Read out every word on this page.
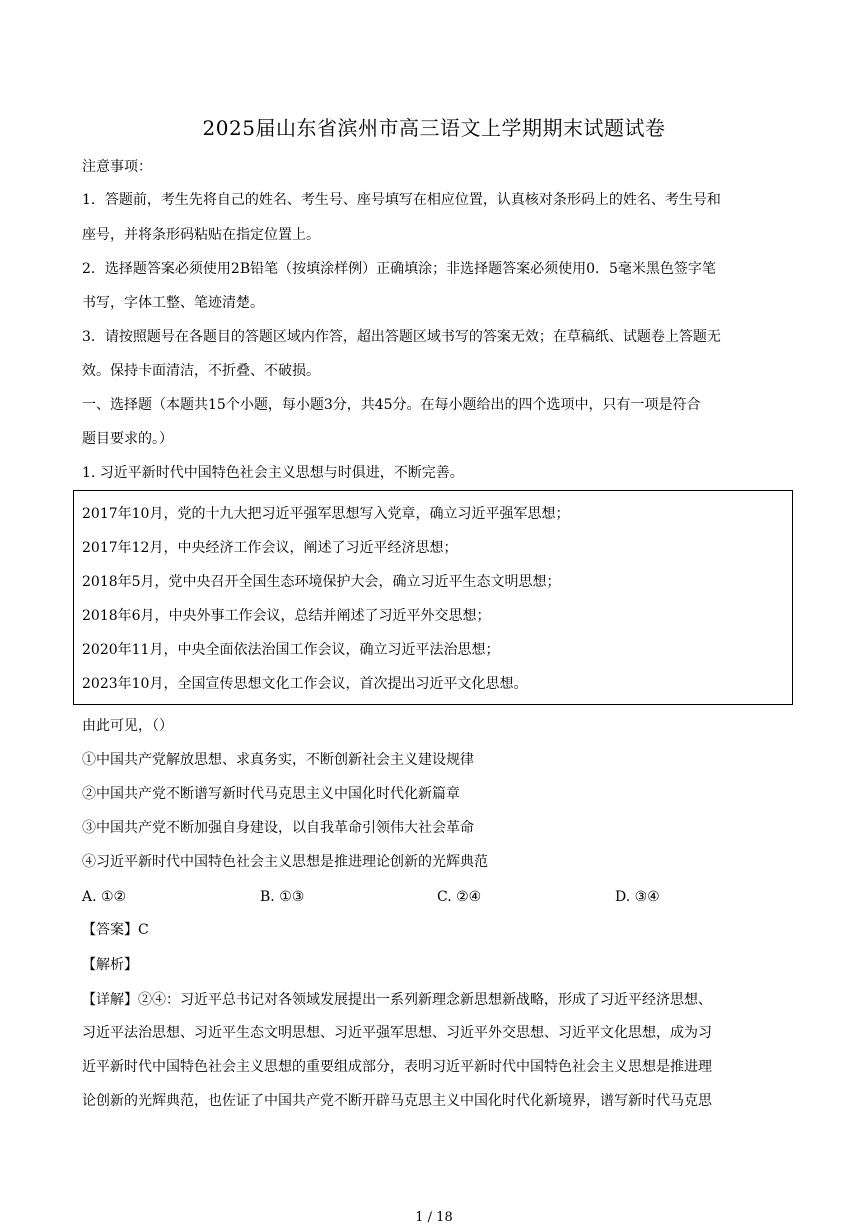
2025届山东省滨州市高三语文上学期期末试题试卷
注意事项：
1．答题前，考生先将自己的姓名、考生号、座号填写在相应位置，认真核对条形码上的姓名、考生号和
座号，并将条形码粘贴在指定位置上。
2．选择题答案必须使用2B铅笔（按填涂样例）正确填涂；非选择题答案必须使用0．5毫米黑色签字笔
书写，字体工整、笔迹清楚。
3．请按照题号在各题目的答题区域内作答，超出答题区域书写的答案无效；在草稿纸、试题卷上答题无
效。保持卡面清洁，不折叠、不破损。
一、选择题（本题共15个小题，每小题3分，共45分。在每小题给出的四个选项中，只有一项是符合
题目要求的。）
1. 习近平新时代中国特色社会主义思想与时俱进，不断完善。
2017年10月，党的十九大把习近平强军思想写入党章，确立习近平强军思想；
2017年12月，中央经济工作会议，阐述了习近平经济思想；
2018年5月，党中央召开全国生态环境保护大会，确立习近平生态文明思想；
2018年6月，中央外事工作会议，总结并阐述了习近平外交思想；
2020年11月，中央全面依法治国工作会议，确立习近平法治思想；
2023年10月，全国宣传思想文化工作会议，首次提出习近平文化思想。
由此可见，（）
①中国共产党解放思想、求真务实，不断创新社会主义建设规律
②中国共产党不断谱写新时代马克思主义中国化时代化新篇章
③中国共产党不断加强自身建设，以自我革命引领伟大社会革命
④习近平新时代中国特色社会主义思想是推进理论创新的光辉典范
A. ①②	B. ①③	C. ②④	D. ③④
【答案】C
【解析】
【详解】②④：习近平总书记对各领域发展提出一系列新理念新思想新战略，形成了习近平经济思想、
习近平法治思想、习近平生态文明思想、习近平强军思想、习近平外交思想、习近平文化思想，成为习
近平新时代中国特色社会主义思想的重要组成部分，表明习近平新时代中国特色社会主义思想是推进理
论创新的光辉典范，也佐证了中国共产党不断开辟马克思主义中国化时代化新境界，谱写新时代马克思
1 / 18
